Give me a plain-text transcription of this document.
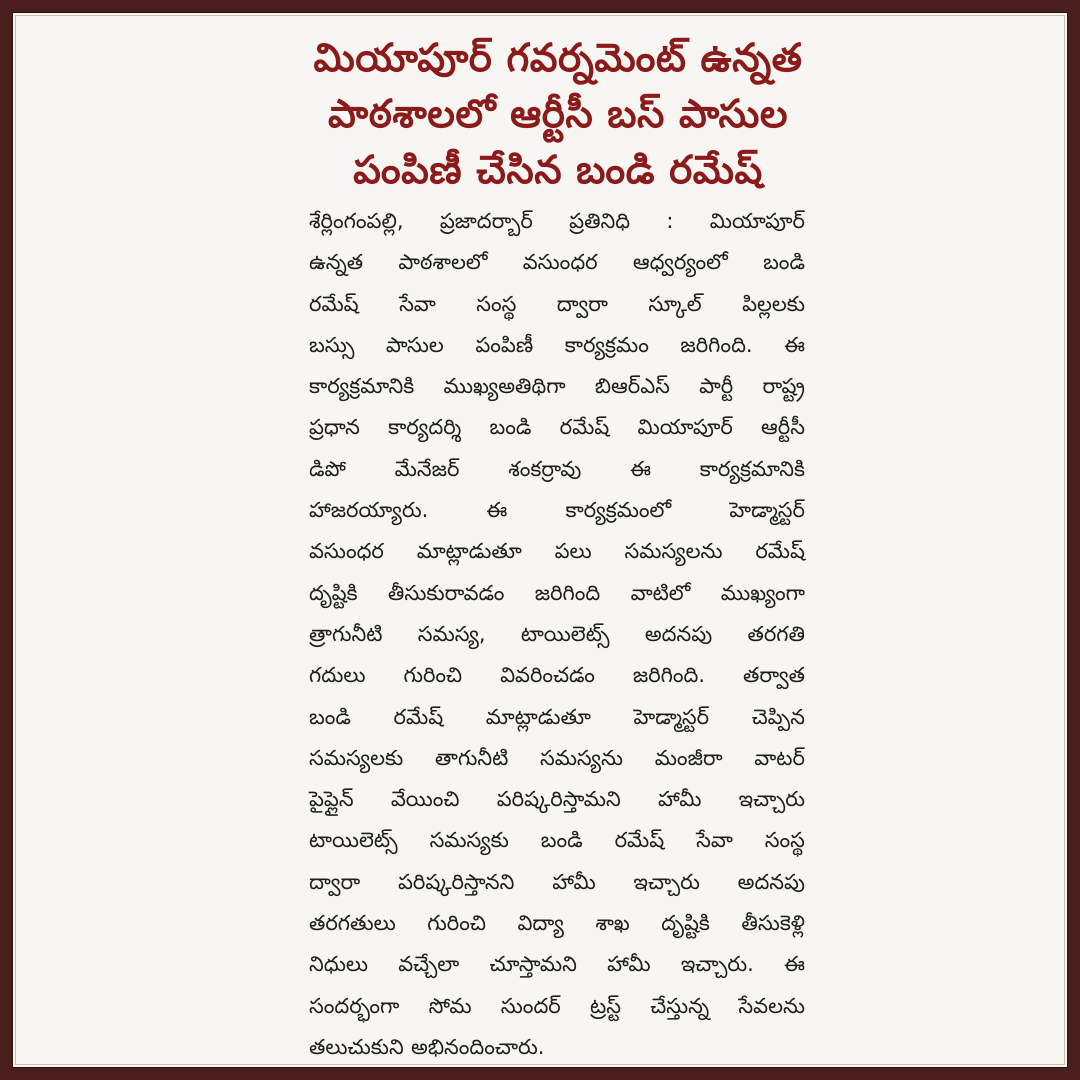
మియాపూర్ గవర్నమెంట్ ఉన్నత
పాఠశాలలో ఆర్టీసీ బస్ పాసుల
పంపిణీ చేసిన బండి రమేష్
శేర్లింగంపల్లి, ప్రజాదర్బార్ ప్రతినిధి : మియాపూర్
ఉన్నత పాఠశాలలో వసుంధర ఆధ్వర్యంలో బండి
రమేష్ సేవా సంస్థ ద్వారా స్కూల్ పిల్లలకు
బస్సు పాసుల పంపిణీ కార్యక్రమం జరిగింది. ఈ
కార్యక్రమానికి ముఖ్యఅతిథిగా బిఆర్ఎస్ పార్టీ రాష్ట్ర
ప్రధాన కార్యదర్శి బండి రమేష్ మియాపూర్ ఆర్టీసీ
డిపో మేనేజర్ శంకర్రావు ఈ కార్యక్రమానికి
హాజరయ్యారు.	ఈ	కార్యక్రమంలో	హెడ్మాస్టర్
వసుంధర మాట్లాడుతూ పలు సమస్యలను రమేష్
దృష్టికి తీసుకురావడం జరిగింది వాటిలో ముఖ్యంగా
త్రాగునీటి సమస్య, టాయిలెట్స్ అదనపు తరగతి
గదులు గురించి వివరించడం జరిగింది. తర్వాత
బండి రమేష్ మాట్లాడుతూ హెడ్మాస్టర్ చెప్పిన
సమస్యలకు తాగునీటి సమస్యను మంజీరా వాటర్
పైప్లైన్ వేయించి పరిష్కరిస్తామని హామీ ఇచ్చారు
టాయిలెట్స్ సమస్యకు బండి రమేష్ సేవా సంస్థ
ద్వారా పరిష్కరిస్తానని హామీ ఇచ్చారు అదనపు
తరగతులు గురించి విద్యా శాఖ దృష్టికి తీసుకెళ్లి
నిధులు వచ్చేలా చూస్తామని హామీ ఇచ్చారు. ఈ
సందర్భంగా సోమ సుందర్ ట్రస్ట్ చేస్తున్న సేవలను
తలుచుకుని అభినందించారు.
